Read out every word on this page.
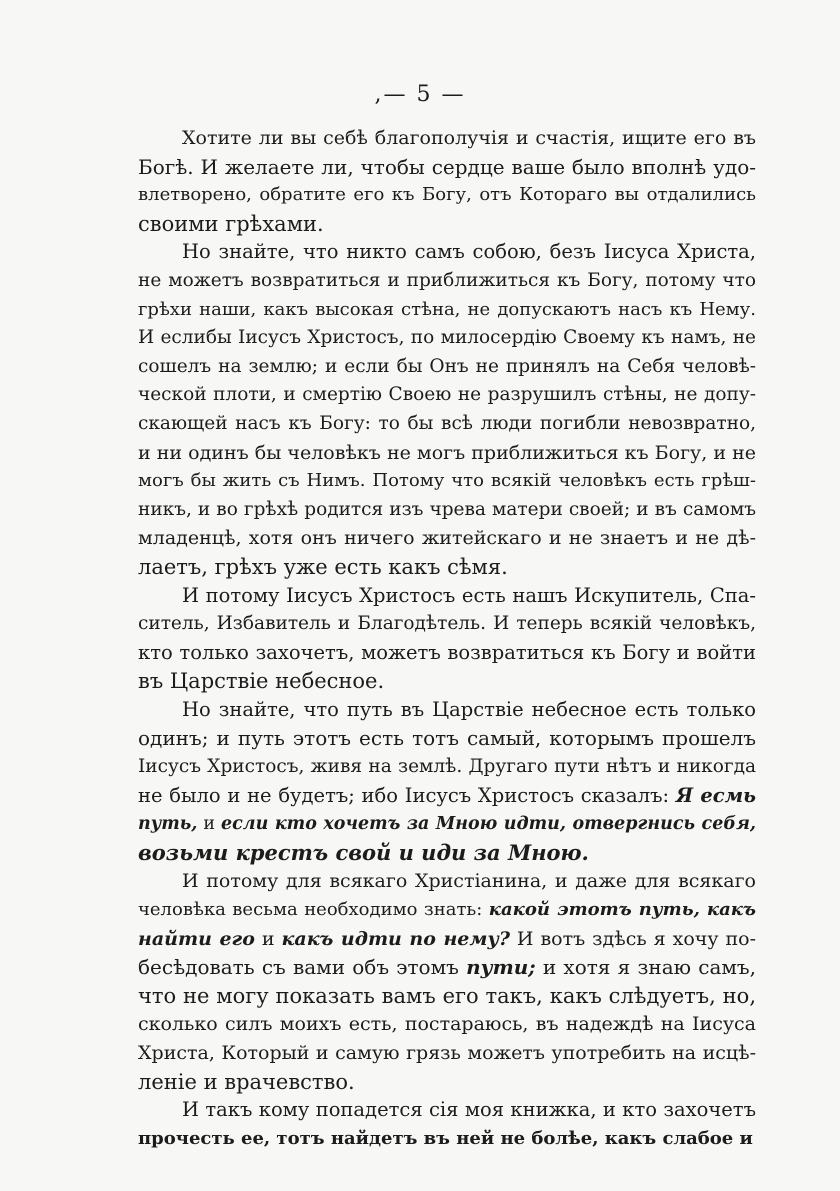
,— 5 —
Хотите ли вы себѣ благополучія и счастія, ищите его въ
Богѣ. И желаете ли, чтобы сердце ваше было вполнѣ удо-
влетворено, обратите его къ Богу, отъ Котораго вы отдалились
своими грѣхами.
Но знайте, что никто самъ собою, безъ Іисуса Христа,
не можетъ возвратиться и приближиться къ Богу, потому что
грѣхи наши, какъ высокая стѣна, не допускаютъ насъ къ Нему.
И еслибы Іисусъ Христосъ, по милосердію Своему къ намъ, не
сошелъ на землю; и если бы Онъ не принялъ на Себя человѣ-
ческой плоти, и смертію Своею не разрушилъ стѣны, не допу-
скающей насъ къ Богу: то бы всѣ люди погибли невозвратно,
и ни одинъ бы человѣкъ не могъ приближиться къ Богу, и не
могъ бы жить съ Нимъ. Потому что всякій человѣкъ есть грѣш-
никъ, и во грѣхѣ родится изъ чрева матери своей; и въ самомъ
младенцѣ, хотя онъ ничего житейскаго и не знаетъ и не дѣ-
лаетъ, грѣхъ уже есть какъ сѣмя.
И потому Іисусъ Христосъ есть нашъ Искупитель, Спа-
ситель, Избавитель и Благодѣтель. И теперь всякій человѣкъ,
кто только захочетъ, можетъ возвратиться къ Богу и войти
въ Царствіе небесное.
Но знайте, что путь въ Царствіе небесное есть только
одинъ; и путь этотъ есть тотъ самый, которымъ прошелъ
Іисусъ Христосъ, живя на землѣ. Другаго пути нѣтъ и никогда
не было и не будетъ; ибо Іисусъ Христосъ сказалъ: Я есмь
путь, и если кто хочетъ за Мною идти, отвергнись себя,
возьми крестъ свой и иди за Мною.
И потому для всякаго Христіанина, и даже для всякаго
человѣка весьма необходимо знать: какой этотъ путь, какъ
найти его и какъ идти по нему? И вотъ здѣсь я хочу по-
бесѣдовать съ вами объ этомъ пути; и хотя я знаю самъ,
что не могу показать вамъ его такъ, какъ слѣдуетъ, но,
сколько силъ моихъ есть, постараюсь, въ надеждѣ на Іисуса
Христа, Который и самую грязь можетъ употребить на исцѣ-
леніе и врачевство.
И такъ кому попадется сія моя книжка, и кто захочетъ
прочесть ее, тотъ найдетъ въ ней не болѣе, какъ слабое и
